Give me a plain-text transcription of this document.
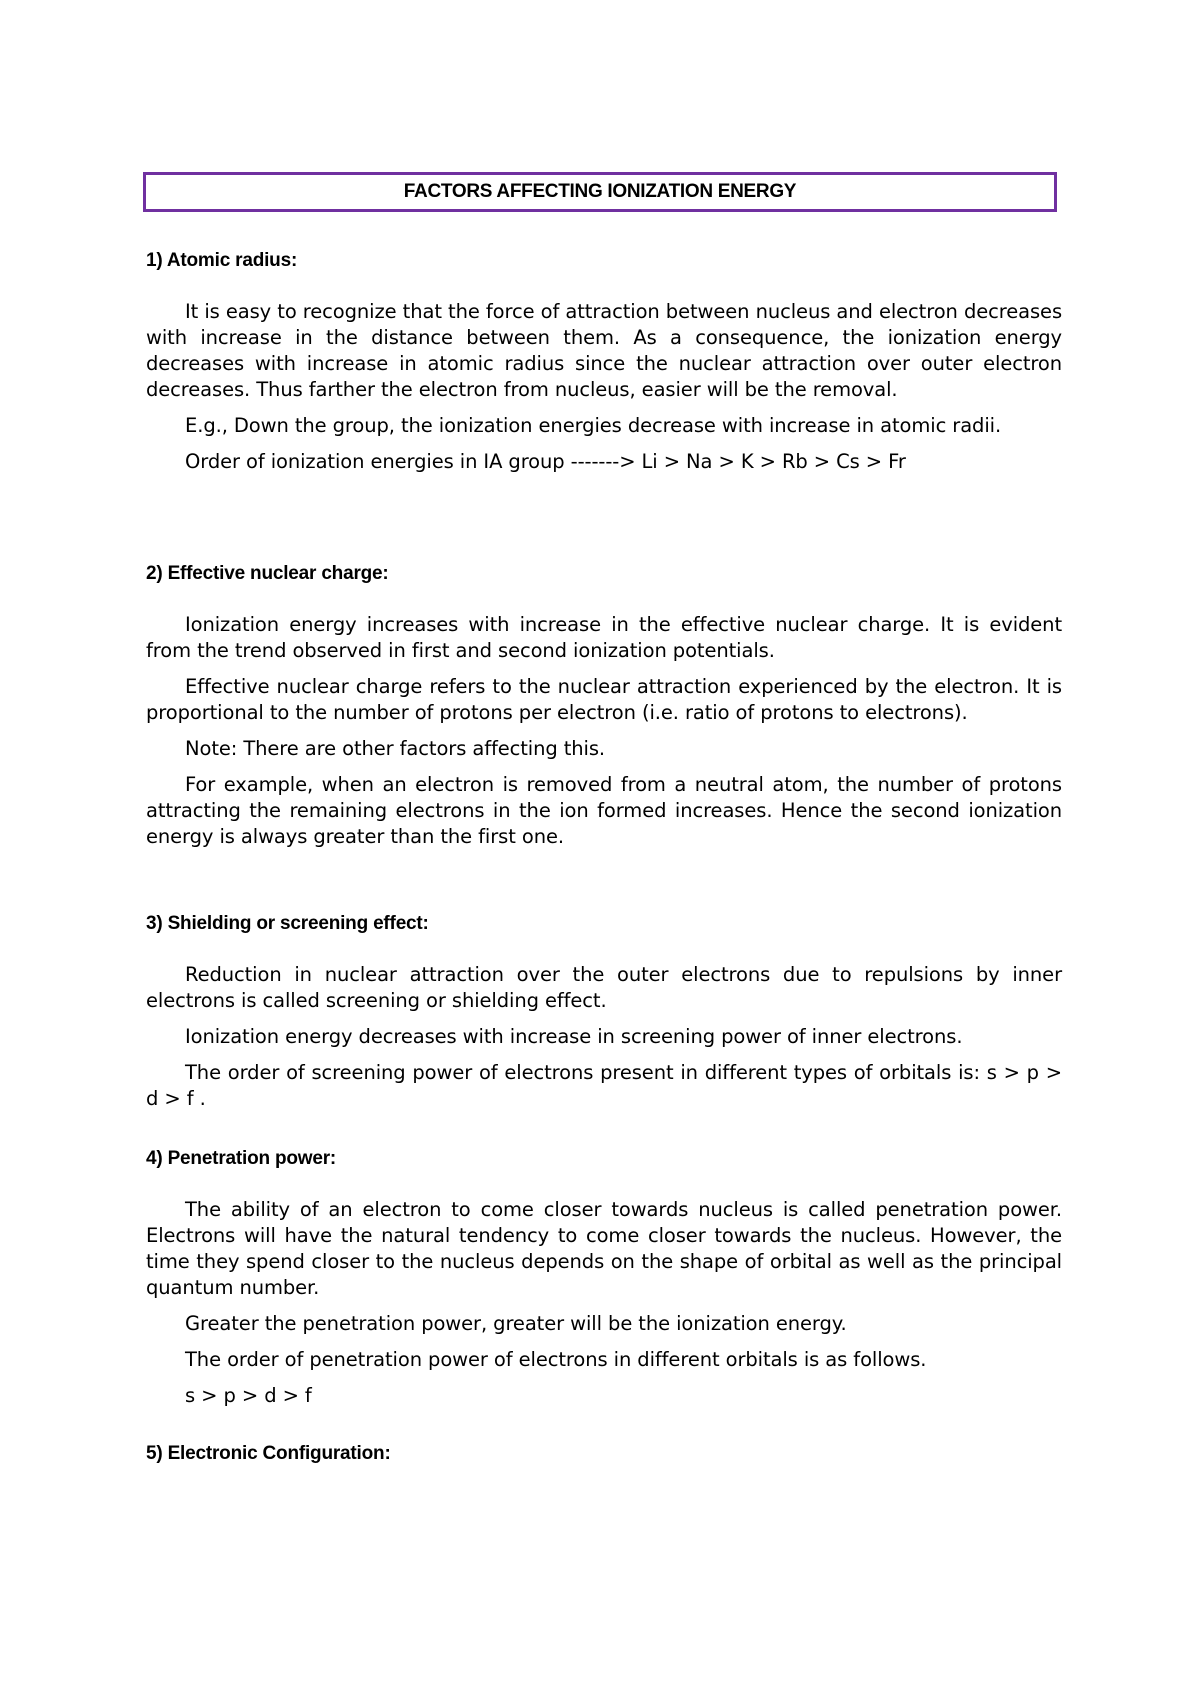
FACTORS AFFECTING IONIZATION ENERGY

1) Atomic radius:

It is easy to recognize that the force of attraction between nucleus and electron decreases with increase in the distance between them. As a consequence, the ionization energy decreases with increase in atomic radius since the nuclear attraction over outer electron decreases. Thus farther the electron from nucleus, easier will be the removal.

E.g., Down the group, the ionization energies decrease with increase in atomic radii.

Order of ionization energies in IA group -------> Li > Na > K > Rb > Cs > Fr

2) Effective nuclear charge:

Ionization energy increases with increase in the effective nuclear charge. It is evident from the trend observed in first and second ionization potentials.

Effective nuclear charge refers to the nuclear attraction experienced by the electron. It is proportional to the number of protons per electron (i.e. ratio of protons to electrons).

Note: There are other factors affecting this.

For example, when an electron is removed from a neutral atom, the number of protons attracting the remaining electrons in the ion formed increases. Hence the second ionization energy is always greater than the first one.

3) Shielding or screening effect:

Reduction in nuclear attraction over the outer electrons due to repulsions by inner electrons is called screening or shielding effect.

Ionization energy decreases with increase in screening power of inner electrons.

The order of screening power of electrons present in different types of orbitals is: s > p > d > f .

4) Penetration power:

The ability of an electron to come closer towards nucleus is called penetration power. Electrons will have the natural tendency to come closer towards the nucleus. However, the time they spend closer to the nucleus depends on the shape of orbital as well as the principal quantum number.

Greater the penetration power, greater will be the ionization energy.

The order of penetration power of electrons in different orbitals is as follows.

s > p > d > f

5) Electronic Configuration:
